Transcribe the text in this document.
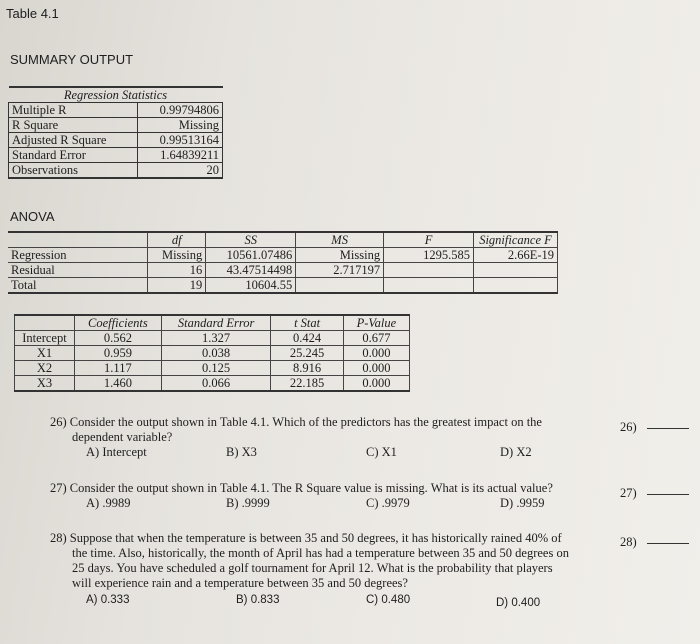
Table 4.1
SUMMARY OUTPUT
Regression Statistics	
Multiple R	0.99794806
R Square	Missing
Adjusted R Square	0.99513164
Standard Error	1.64839211
Observations	20
ANOVA
	df	SS	MS	F	Significance F
Regression	Missing	10561.07486	Missing	1295.585	2.66E-19
Residual	16	43.47514498	2.717197		
Total	19	10604.55			
	Coefficients	Standard Error	t Stat	P-Value
Intercept	0.562	1.327	0.424	0.677
X1	0.959	0.038	25.245	0.000
X2	1.117	0.125	8.916	0.000
X3	1.460	0.066	22.185	0.000
26) Consider the output shown in Table 4.1. Which of the predictors has the greatest impact on the
dependent variable?
A) Intercept	B) X3	C) X1	D) X2
26)
27) Consider the output shown in Table 4.1. The R Square value is missing. What is its actual value?
A) .9989	B) .9999	C) .9979	D) .9959
27)
28) Suppose that when the temperature is between 35 and 50 degrees, it has historically rained 40% of
the time. Also, historically, the month of April has had a temperature between 35 and 50 degrees on
25 days. You have scheduled a golf tournament for April 12. What is the probability that players
will experience rain and a temperature between 35 and 50 degrees?
A) 0.333	B) 0.833	C) 0.480	D) 0.400
28)
